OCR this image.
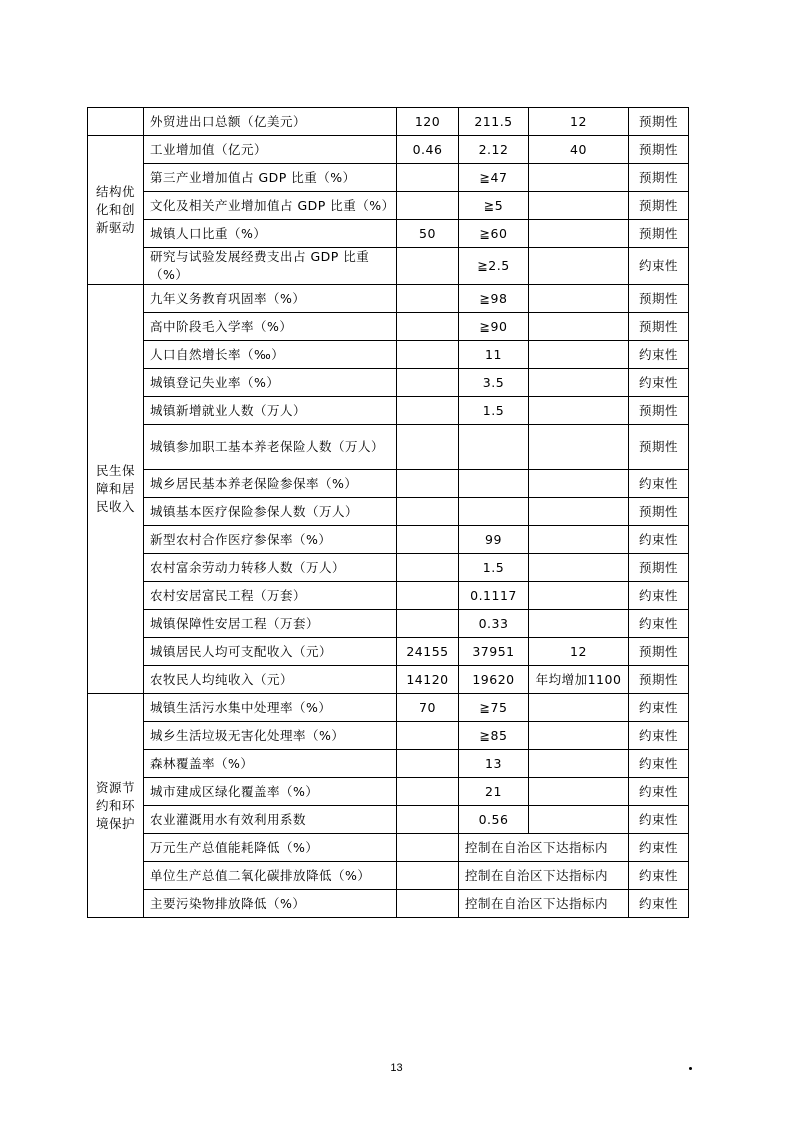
	外贸进出口总额（亿美元）	120	211.5	12	预期性
结构优化和创新驱动	工业增加值（亿元）	0.46	2.12	40	预期性
	第三产业增加值占 GDP 比重（%）		≧47		预期性
	文化及相关产业增加值占 GDP 比重（%）		≧5		预期性
	城镇人口比重（%）	50	≧60		预期性
	研究与试验发展经费支出占 GDP 比重（%）		≧2.5		约束性
民生保障和居民收入	九年义务教育巩固率（%）		≧98		预期性
	高中阶段毛入学率（%）		≧90		预期性
	人口自然增长率（‰）		11		约束性
	城镇登记失业率（%）		3.5		约束性
	城镇新增就业人数（万人）		1.5		预期性
	城镇参加职工基本养老保险人数（万人）				预期性
	城乡居民基本养老保险参保率（%）				约束性
	城镇基本医疗保险参保人数（万人）				预期性
	新型农村合作医疗参保率（%）		99		约束性
	农村富余劳动力转移人数（万人）		1.5		预期性
	农村安居富民工程（万套）		0.1117		约束性
	城镇保障性安居工程（万套）		0.33		约束性
	城镇居民人均可支配收入（元）	24155	37951	12	预期性
	农牧民人均纯收入（元）	14120	19620	年均增加1100	预期性
资源节约和环境保护	城镇生活污水集中处理率（%）	70	≧75		约束性
	城乡生活垃圾无害化处理率（%）		≧85		约束性
	森林覆盖率（%）		13		约束性
	城市建成区绿化覆盖率（%）		21		约束性
	农业灌溉用水有效利用系数		0.56		约束性
	万元生产总值能耗降低（%）		控制在自治区下达指标内		约束性
	单位生产总值二氧化碳排放降低（%）		控制在自治区下达指标内		约束性
	主要污染物排放降低（%）		控制在自治区下达指标内		约束性
13
